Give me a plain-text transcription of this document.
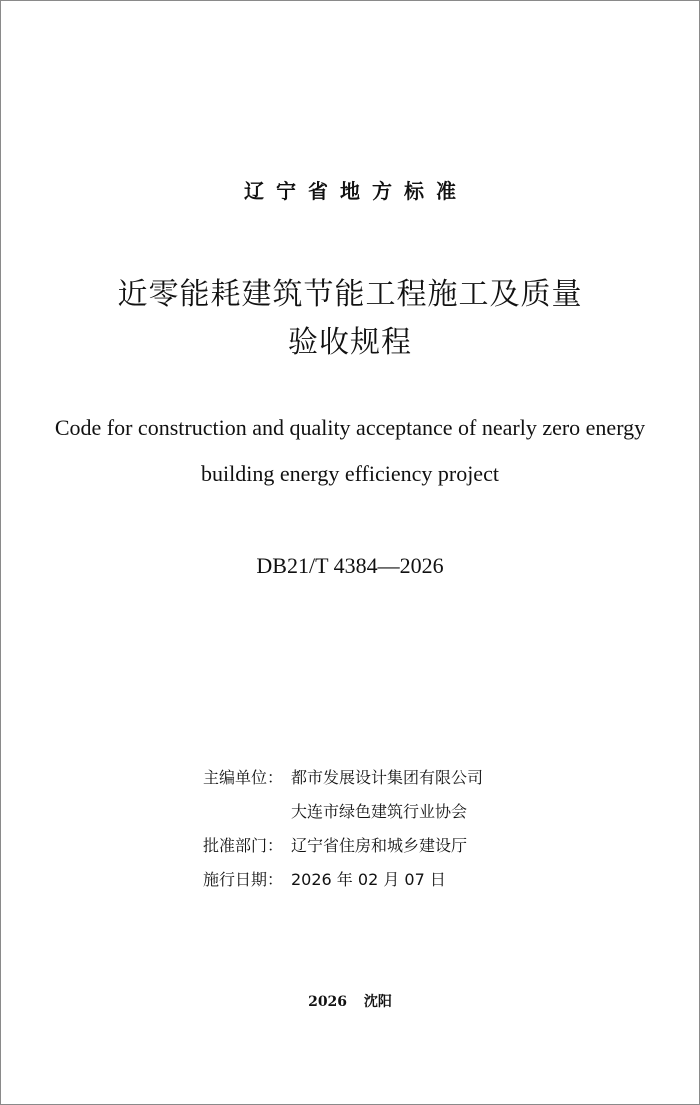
辽宁省地方标准
近零能耗建筑节能工程施工及质量
验收规程
Code for construction and quality acceptance of nearly zero energy
building energy efficiency project
DB21/T 4384—2026
主编单位： 都市发展设计集团有限公司
大连市绿色建筑行业协会
批准部门： 辽宁省住房和城乡建设厅
施行日期： 2026 年 02 月 07 日
2026 沈阳
